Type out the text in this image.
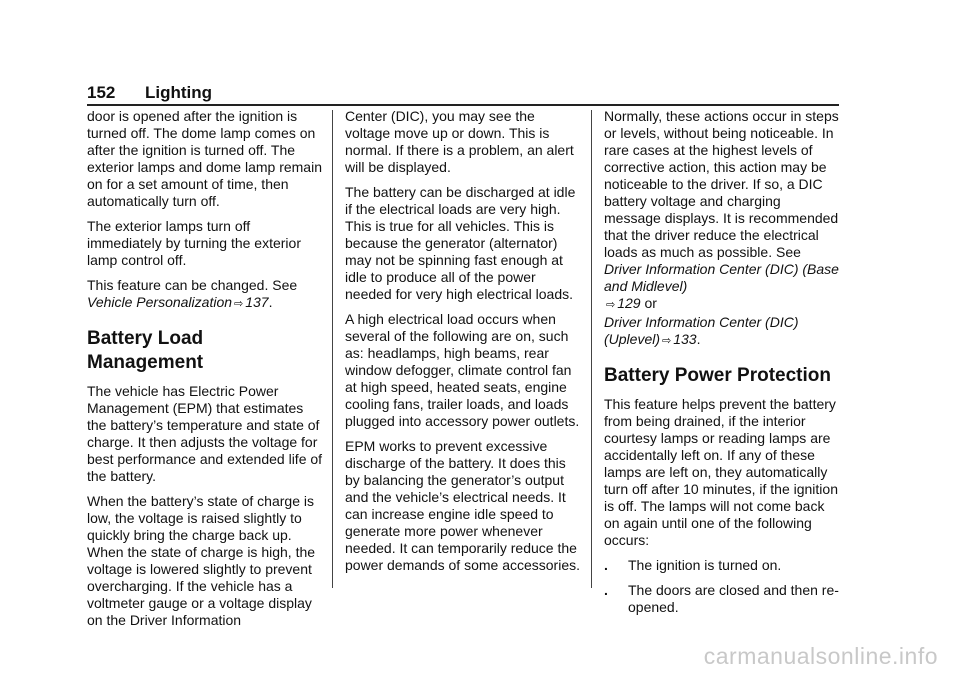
152 Lighting

door is opened after the ignition is turned off. The dome lamp comes on after the ignition is turned off. The exterior lamps and dome lamp remain on for a set amount of time, then automatically turn off.

The exterior lamps turn off immediately by turning the exterior lamp control off.

This feature can be changed. See Vehicle Personalization ⇨ 137.

Battery Load Management

The vehicle has Electric Power Management (EPM) that estimates the battery’s temperature and state of charge. It then adjusts the voltage for best performance and extended life of the battery.

When the battery’s state of charge is low, the voltage is raised slightly to quickly bring the charge back up. When the state of charge is high, the voltage is lowered slightly to prevent overcharging. If the vehicle has a voltmeter gauge or a voltage display on the Driver Information

Center (DIC), you may see the voltage move up or down. This is normal. If there is a problem, an alert will be displayed.

The battery can be discharged at idle if the electrical loads are very high. This is true for all vehicles. This is because the generator (alternator) may not be spinning fast enough at idle to produce all of the power needed for very high electrical loads.

A high electrical load occurs when several of the following are on, such as: headlamps, high beams, rear window defogger, climate control fan at high speed, heated seats, engine cooling fans, trailer loads, and loads plugged into accessory power outlets.

EPM works to prevent excessive discharge of the battery. It does this by balancing the generator’s output and the vehicle’s electrical needs. It can increase engine idle speed to generate more power whenever needed. It can temporarily reduce the power demands of some accessories.

Normally, these actions occur in steps or levels, without being noticeable. In rare cases at the highest levels of corrective action, this action may be noticeable to the driver. If so, a DIC battery voltage and charging message displays. It is recommended that the driver reduce the electrical loads as much as possible. See Driver Information Center (DIC) (Base and Midlevel)
⇨ 129 or
Driver Information Center (DIC) (Uplevel) ⇨ 133.

Battery Power Protection

This feature helps prevent the battery from being drained, if the interior courtesy lamps or reading lamps are accidentally left on. If any of these lamps are left on, they automatically turn off after 10 minutes, if the ignition is off. The lamps will not come back on again until one of the following occurs:

.	The ignition is turned on.
.	The doors are closed and then re-opened.
carmanualsonline.info
